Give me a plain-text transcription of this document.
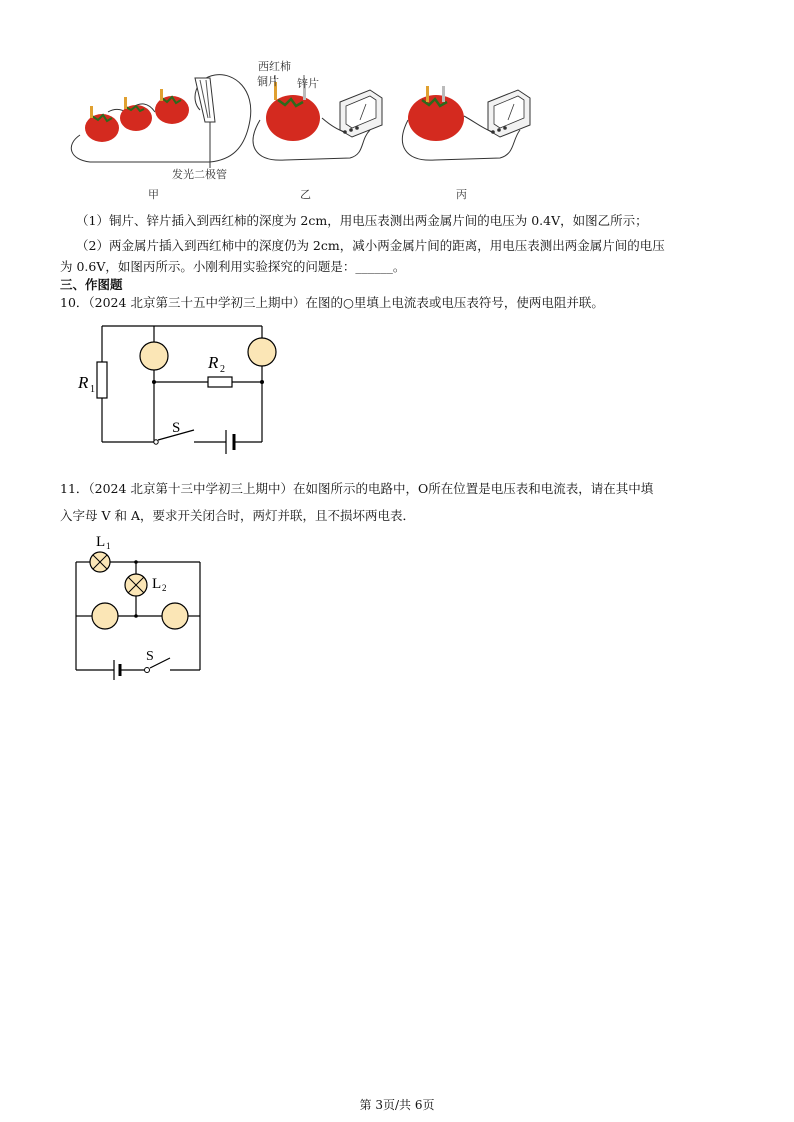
西红柿
铜片 锌片
发光二极管
甲	乙	丙
（1）铜片、锌片插入到西红柿的深度为 2cm，用电压表测出两金属片间的电压为 0.4V，如图乙所示；
（2）两金属片插入到西红柿中的深度仍为 2cm，减小两金属片间的距离，用电压表测出两金属片间的电压
为 0.6V，如图丙所示。小刚利用实验探究的问题是：______。
三、作图题
10．（2024 北京第三十五中学初三上期中）在图的○里填上电流表或电压表符号，使两电阻并联。
R 1
R 2
S
11．（2024 北京第十三中学初三上期中）在如图所示的电路中，O所在位置是电压表和电流表，请在其中填
入字母 V 和 A，要求开关闭合时，两灯并联，且不损坏两电表．
L 1
L 2
S
第 3页/共 6页
